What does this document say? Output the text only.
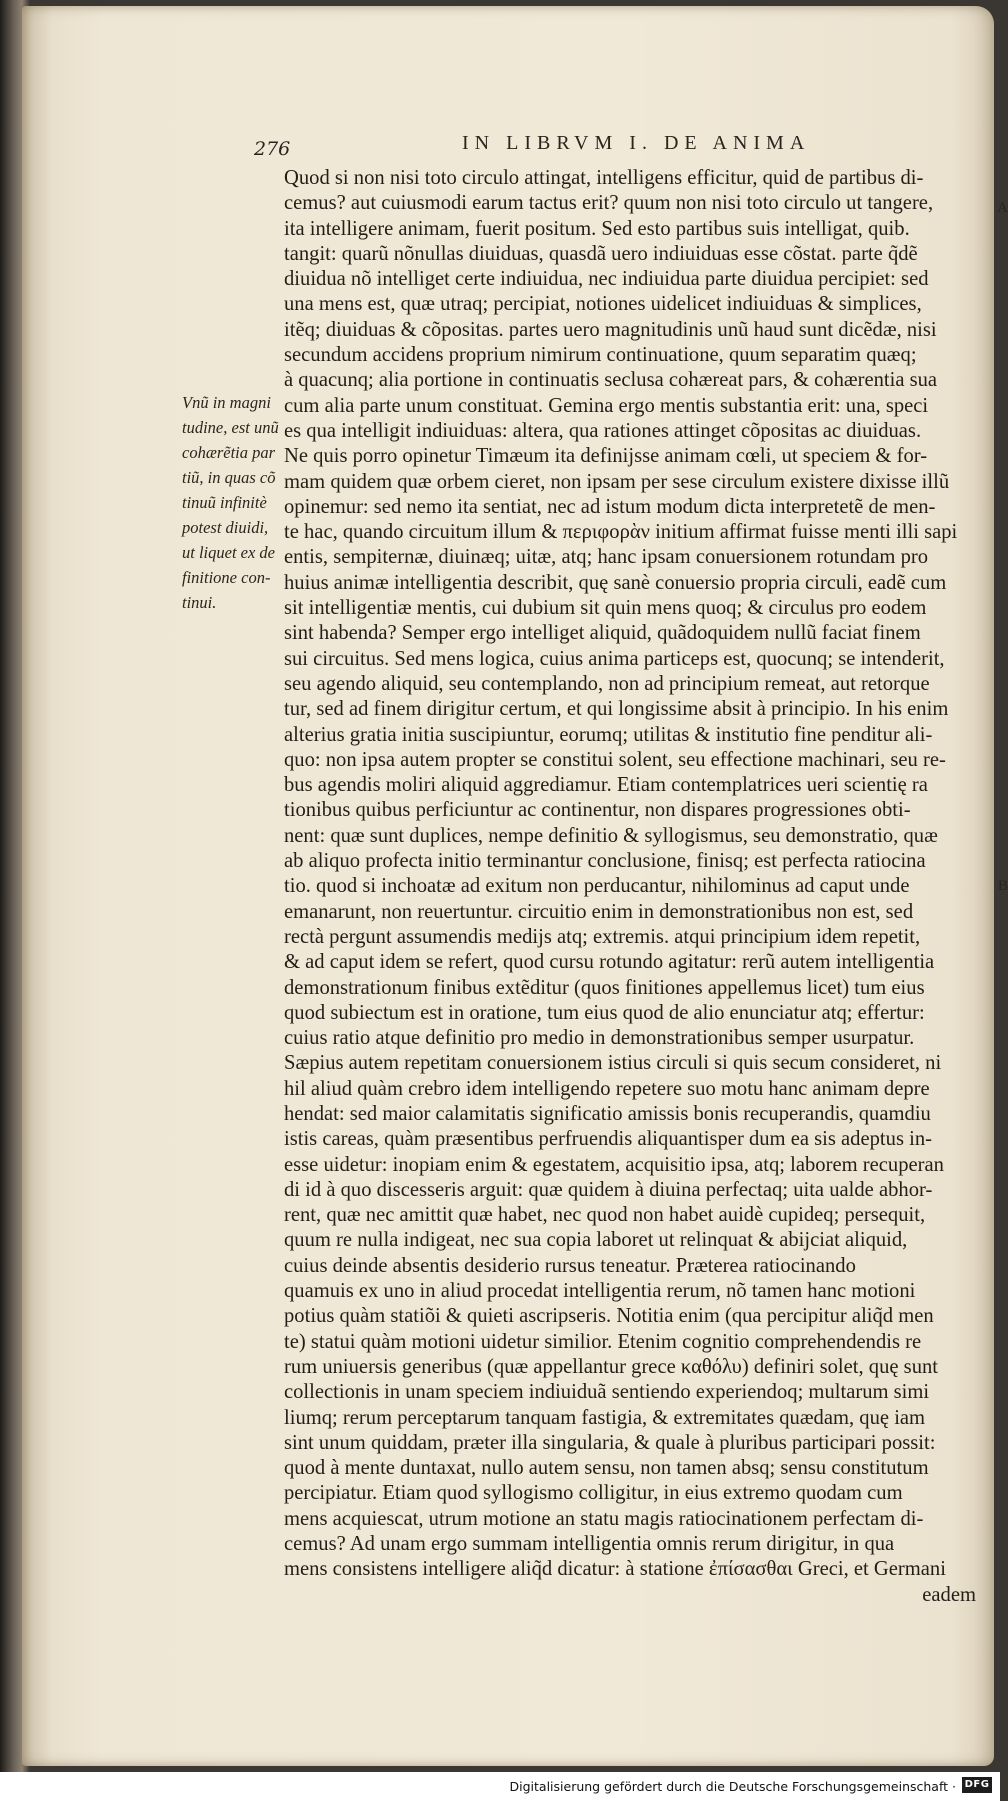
276	IN LIBRVM I. DE ANIMA
A
B
Vnũ in magni
tudine, est unũ
cohærẽtia par
tiũ, in quas cõ
tinuũ infinitè
potest diuidi,
ut liquet ex de
finitione con-
tinui.
Quod si non nisi toto circulo attingat, intelligens efficitur, quid de partibus di-
cemus? aut cuiusmodi earum tactus erit? quum non nisi toto circulo ut tangere,
ita intelligere animam, fuerit positum. Sed esto partibus suis intelligat, quib.
tangit: quarũ nõnullas diuiduas, quasdã uero indiuiduas esse cõstat. parte q̃dẽ
diuidua nõ intelliget certe indiuidua, nec indiuidua parte diuidua percipiet: sed
una mens est, quæ utraq; percipiat, notiones uidelicet indiuiduas & simplices,
itẽq; diuiduas & cõpositas. partes uero magnitudinis unũ haud sunt dicẽdæ, nisi
secundum accidens proprium nimirum continuatione, quum separatim quæq;
à quacunq; alia portione in continuatis seclusa cohæreat pars, & cohærentia sua
cum alia parte unum constituat. Gemina ergo mentis substantia erit: una, speci
es qua intelligit indiuiduas: altera, qua rationes attinget cõpositas ac diuiduas.
Ne quis porro opinetur Timæum ita definijsse animam cœli, ut speciem & for-
mam quidem quæ orbem cieret, non ipsam per sese circulum existere dixisse illũ
opinemur: sed nemo ita sentiat, nec ad istum modum dicta interpretetẽ de men-
te hac, quando circuitum illum & περιφορὰν initium affirmat fuisse menti illi sapi
entis, sempiternæ, diuinæq; uitæ, atq; hanc ipsam conuersionem rotundam pro
huius animæ intelligentia describit, quę sanè conuersio propria circuli, eadẽ cum
sit intelligentiæ mentis, cui dubium sit quin mens quoq; & circulus pro eodem
sint habenda? Semper ergo intelliget aliquid, quãdoquidem nullũ faciat finem
sui circuitus. Sed mens logica, cuius anima particeps est, quocunq; se intenderit,
seu agendo aliquid, seu contemplando, non ad principium remeat, aut retorque
tur, sed ad finem dirigitur certum, et qui longissime absit à principio. In his enim
alterius gratia initia suscipiuntur, eorumq; utilitas & institutio fine penditur ali-
quo: non ipsa autem propter se constitui solent, seu effectione machinari, seu re-
bus agendis moliri aliquid aggrediamur. Etiam contemplatrices ueri scientię ra
tionibus quibus perficiuntur ac continentur, non dispares progressiones obti-
nent: quæ sunt duplices, nempe definitio & syllogismus, seu demonstratio, quæ
ab aliquo profecta initio terminantur conclusione, finisq; est perfecta ratiocina
tio. quod si inchoatæ ad exitum non perducantur, nihilominus ad caput unde
emanarunt, non reuertuntur. circuitio enim in demonstrationibus non est, sed
rectà pergunt assumendis medijs atq; extremis. atqui principium idem repetit,
& ad caput idem se refert, quod cursu rotundo agitatur: rerũ autem intelligentia
demonstrationum finibus extẽditur (quos finitiones appellemus licet) tum eius
quod subiectum est in oratione, tum eius quod de alio enunciatur atq; effertur:
cuius ratio atque definitio pro medio in demonstrationibus semper usurpatur.
Sæpius autem repetitam conuersionem istius circuli si quis secum consideret, ni
hil aliud quàm crebro idem intelligendo repetere suo motu hanc animam depre
hendat: sed maior calamitatis significatio amissis bonis recuperandis, quamdiu
istis careas, quàm præsentibus perfruendis aliquantisper dum ea sis adeptus in-
esse uidetur: inopiam enim & egestatem, acquisitio ipsa, atq; laborem recuperan
di id à quo discesseris arguit: quæ quidem à diuina perfectaq; uita ualde abhor-
rent, quæ nec amittit quæ habet, nec quod non habet auidè cupideq; persequit,
quum re nulla indigeat, nec sua copia laboret ut relinquat & abijciat aliquid,
cuius deinde absentis desiderio rursus teneatur. Præterea ratiocinando
quamuis ex uno in aliud procedat intelligentia rerum, nõ tamen hanc motioni
potius quàm statiõi & quieti ascripseris. Notitia enim (qua percipitur aliq̃d men
te) statui quàm motioni uidetur similior. Etenim cognitio comprehendendis re
rum uniuersis generibus (quæ appellantur grece καθόλυ) definiri solet, quę sunt
collectionis in unam speciem indiuiduã sentiendo experiendoq; multarum simi
liumq; rerum perceptarum tanquam fastigia, & extremitates quædam, quę iam
sint unum quiddam, præter illa singularia, & quale à pluribus participari possit:
quod à mente duntaxat, nullo autem sensu, non tamen absq; sensu constitutum
percipiatur. Etiam quod syllogismo colligitur, in eius extremo quodam cum
mens acquiescat, utrum motione an statu magis ratiocinationem perfectam di-
cemus? Ad unam ergo summam intelligentia omnis rerum dirigitur, in qua
mens consistens intelligere aliq̃d dicatur: à statione ἐπίσασθαι Greci, et Germani
eadem
Digitalisierung gefördert durch die Deutsche Forschungsgemeinschaft · DFG
